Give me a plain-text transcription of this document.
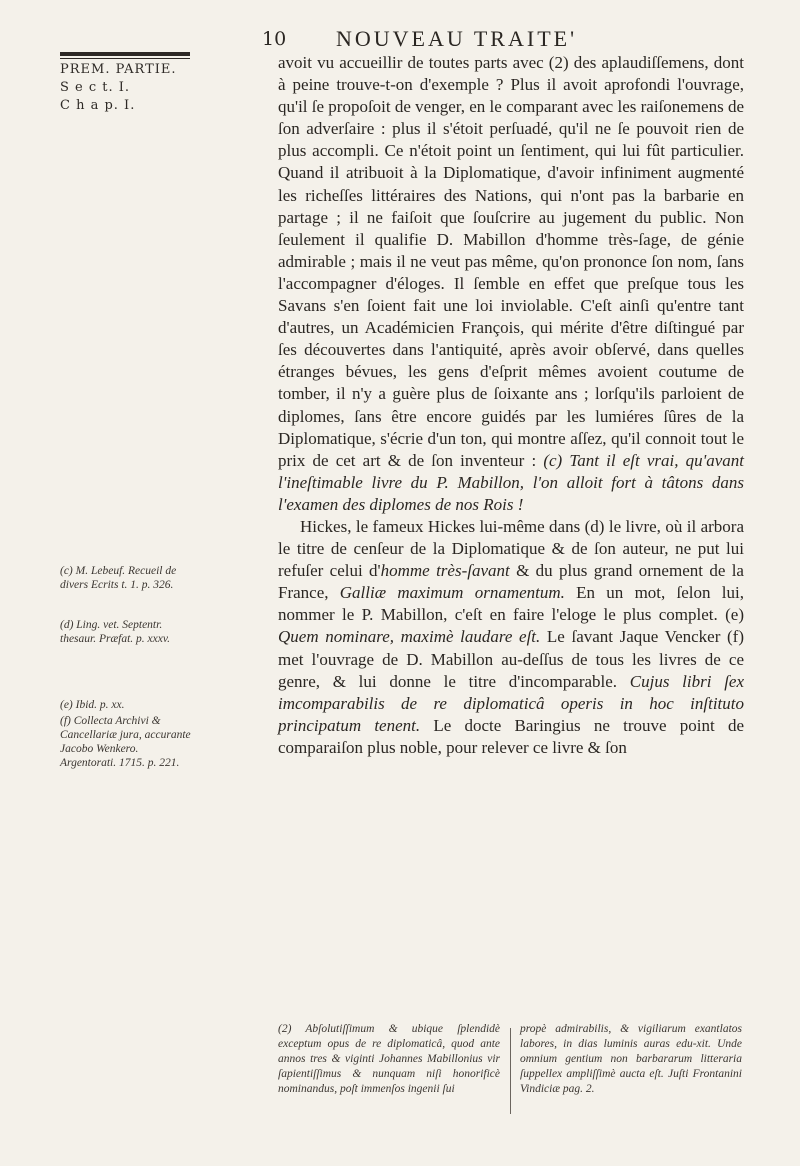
10 NOUVEAU TRAITE'
PREM. PARTIE.
S e c t. I.
C h a p. I.
(c) M. Lebeuf. Recueil de divers Ecrits t. 1. p. 326.
(d) Ling. vet. Septentr. thesaur. Præfat. p. xxxv.
(e) Ibid. p. xx.
(f) Collecta Archivi & Cancellariæ jura, accurante Jacobo Wenkero. Argentorati. 1715. p. 221.

avoit vu accueillir de toutes parts avec (2) des aplaudiſſemens, dont à peine trouve-t-on d'exemple ? Plus il avoit aprofondi l'ouvrage, qu'il ſe propoſoit de venger, en le comparant avec les raiſonemens de ſon adverſaire : plus il s'étoit perſuadé, qu'il ne ſe pouvoit rien de plus accompli. Ce n'étoit point un ſentiment, qui lui fût particulier. Quand il atribuoit à la Diplomatique, d'avoir infiniment augmenté les richeſſes littéraires des Nations, qui n'ont pas la barbarie en partage ; il ne faiſoit que ſouſcrire au jugement du public. Non ſeulement il qualifie D. Mabillon d'homme très-ſage, de génie admirable ; mais il ne veut pas même, qu'on prononce ſon nom, ſans l'accompagner d'éloges. Il ſemble en effet que preſque tous les Savans s'en ſoient fait une loi inviolable. C'eſt ainſi qu'entre tant d'autres, un Académicien François, qui mérite d'être diſtingué par ſes découvertes dans l'antiquité, après avoir obſervé, dans quelles étranges bévues, les gens d'eſprit mêmes avoient coutume de tomber, il n'y a guère plus de ſoixante ans ; lorſqu'ils parloient de diplomes, ſans être encore guidés par les lumiéres ſûres de la Diplomatique, s'écrie d'un ton, qui montre aſſez, qu'il connoit tout le prix de cet art & de ſon inventeur : (c) Tant il eſt vrai, qu'avant l'ineſtimable livre du P. Mabillon, l'on alloit fort à tâtons dans l'examen des diplomes de nos Rois !

Hickes, le fameux Hickes lui-même dans (d) le livre, où il arbora le titre de cenſeur de la Diplomatique & de ſon auteur, ne put lui refuſer celui d'homme très-ſavant & du plus grand ornement de la France, Galliæ maximum ornamentum. En un mot, ſelon lui, nommer le P. Mabillon, c'eſt en faire l'eloge le plus complet. (e) Quem nominare, maximè laudare eſt. Le ſavant Jaque Vencker (f) met l'ouvrage de D. Mabillon au-deſſus de tous les livres de ce genre, & lui donne le titre d'incomparable. Cujus libri ſex imcomparabilis de re diplomaticâ operis in hoc inſtituto principatum tenent. Le docte Baringius ne trouve point de comparaiſon plus noble, pour relever ce livre & ſon

(2) Abſolutiſſimum & ubique ſplendidè exceptum opus de re diplomaticâ, quod ante annos tres & viginti Johannes Mabillonius vir ſapientiſſimus & nunquam niſi honorificè nominandus, poſt immenſos ingenii ſui
propè admirabilis, & vigiliarum exantlatos labores, in dias luminis auras edu-xit. Unde omnium gentium non barbararum litteraria ſuppellex ampliſſimè aucta eſt. Juſti Frontanini Vindiciæ pag. 2.
